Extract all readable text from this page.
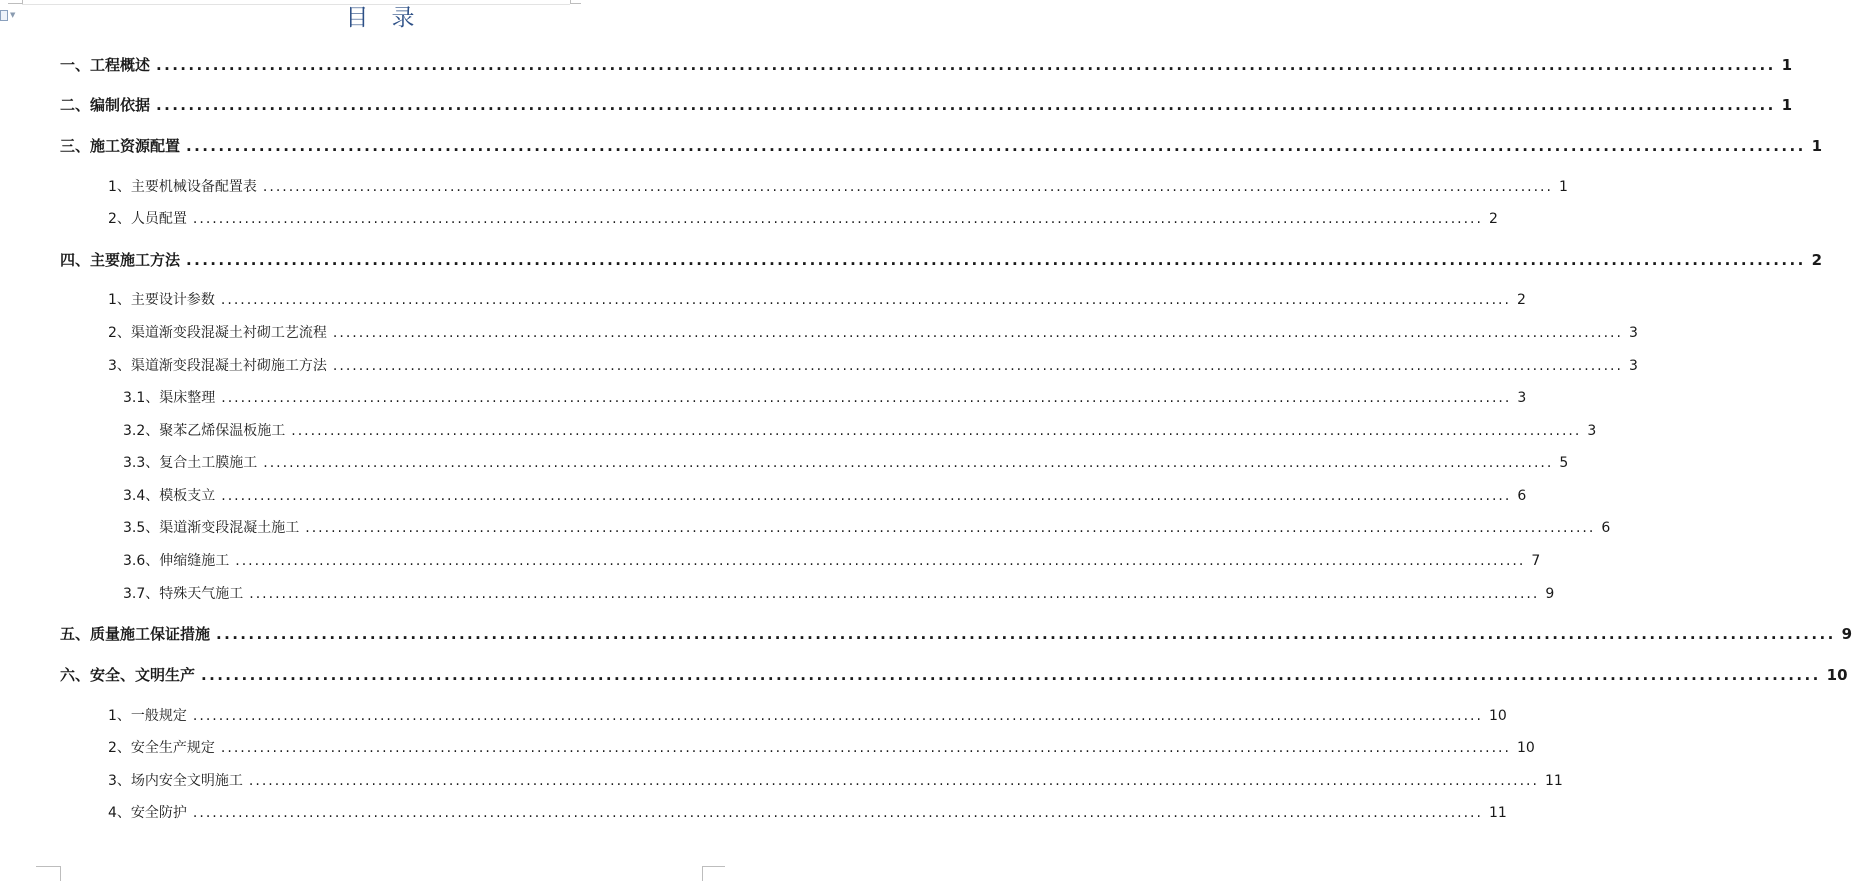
▼	目　录
一、工程概述 ........................................................................................................................................................................................................ 1
二、编制依据 ........................................................................................................................................................................................................ 1
三、施工资源配置 ........................................................................................................................................................................................................ 1
1、主要机械设备配置表 ........................................................................................................................................................................................................ 1
2、人员配置 ........................................................................................................................................................................................................ 2
四、主要施工方法 ........................................................................................................................................................................................................ 2
1、主要设计参数 ........................................................................................................................................................................................................ 2
2、渠道渐变段混凝土衬砌工艺流程 ........................................................................................................................................................................................................ 3
3、渠道渐变段混凝土衬砌施工方法 ........................................................................................................................................................................................................ 3
3.1、渠床整理 ........................................................................................................................................................................................................ 3
3.2、聚苯乙烯保温板施工 ........................................................................................................................................................................................................ 3
3.3、复合土工膜施工 ........................................................................................................................................................................................................ 5
3.4、模板支立 ........................................................................................................................................................................................................ 6
3.5、渠道渐变段混凝土施工 ........................................................................................................................................................................................................ 6
3.6、伸缩缝施工 ........................................................................................................................................................................................................ 7
3.7、特殊天气施工 ........................................................................................................................................................................................................ 9
五、质量施工保证措施 ........................................................................................................................................................................................................ 9
六、安全、文明生产 ........................................................................................................................................................................................................ 10
1、一般规定 ........................................................................................................................................................................................................ 10
2、安全生产规定 ........................................................................................................................................................................................................ 10
3、场内安全文明施工 ........................................................................................................................................................................................................ 11
4、安全防护 ........................................................................................................................................................................................................ 11
